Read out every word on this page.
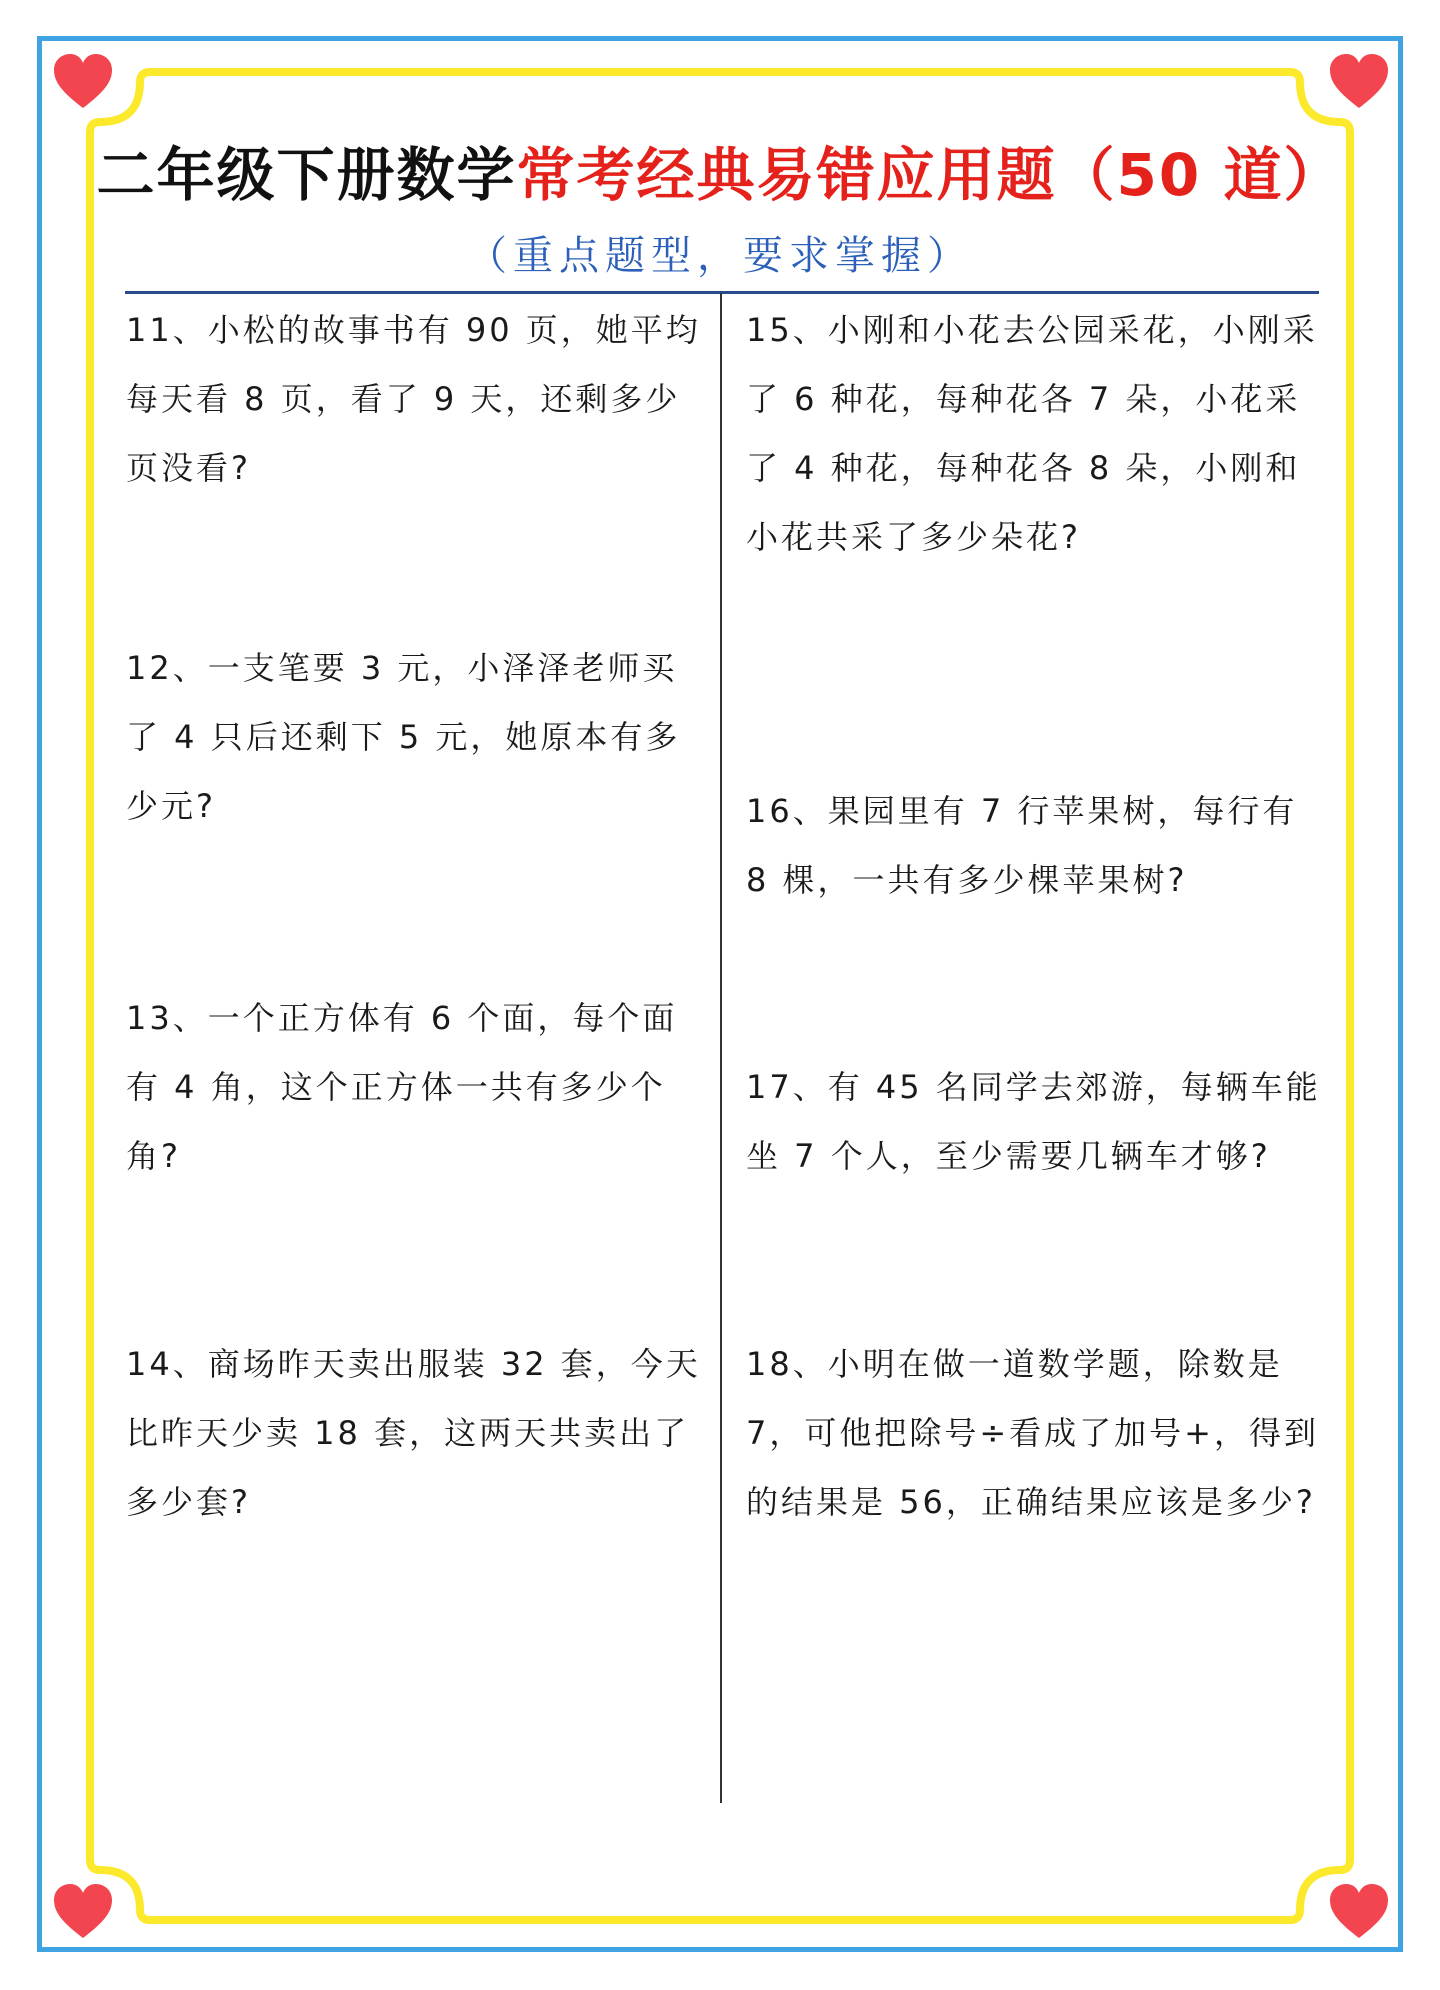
二年级下册数学常考经典易错应用题（50 道）
（重点题型，要求掌握）
11、小松的故事书有 90 页，她平均每天看 8 页，看了 9 天，还剩多少页没看?
12、一支笔要 3 元，小泽泽老师买了 4 只后还剩下 5 元，她原本有多少元?
13、一个正方体有 6 个面，每个面有 4 角，这个正方体一共有多少个角?
14、商场昨天卖出服装 32 套，今天比昨天少卖 18 套，这两天共卖出了多少套?
15、小刚和小花去公园采花，小刚采了 6 种花，每种花各 7 朵，小花采了 4 种花，每种花各 8 朵，小刚和小花共采了多少朵花?
16、果园里有 7 行苹果树，每行有 8 棵，一共有多少棵苹果树?
17、有 45 名同学去郊游，每辆车能坐 7 个人，至少需要几辆车才够?
18、小明在做一道数学题，除数是 7，可他把除号÷看成了加号+，得到的结果是 56，正确结果应该是多少?
